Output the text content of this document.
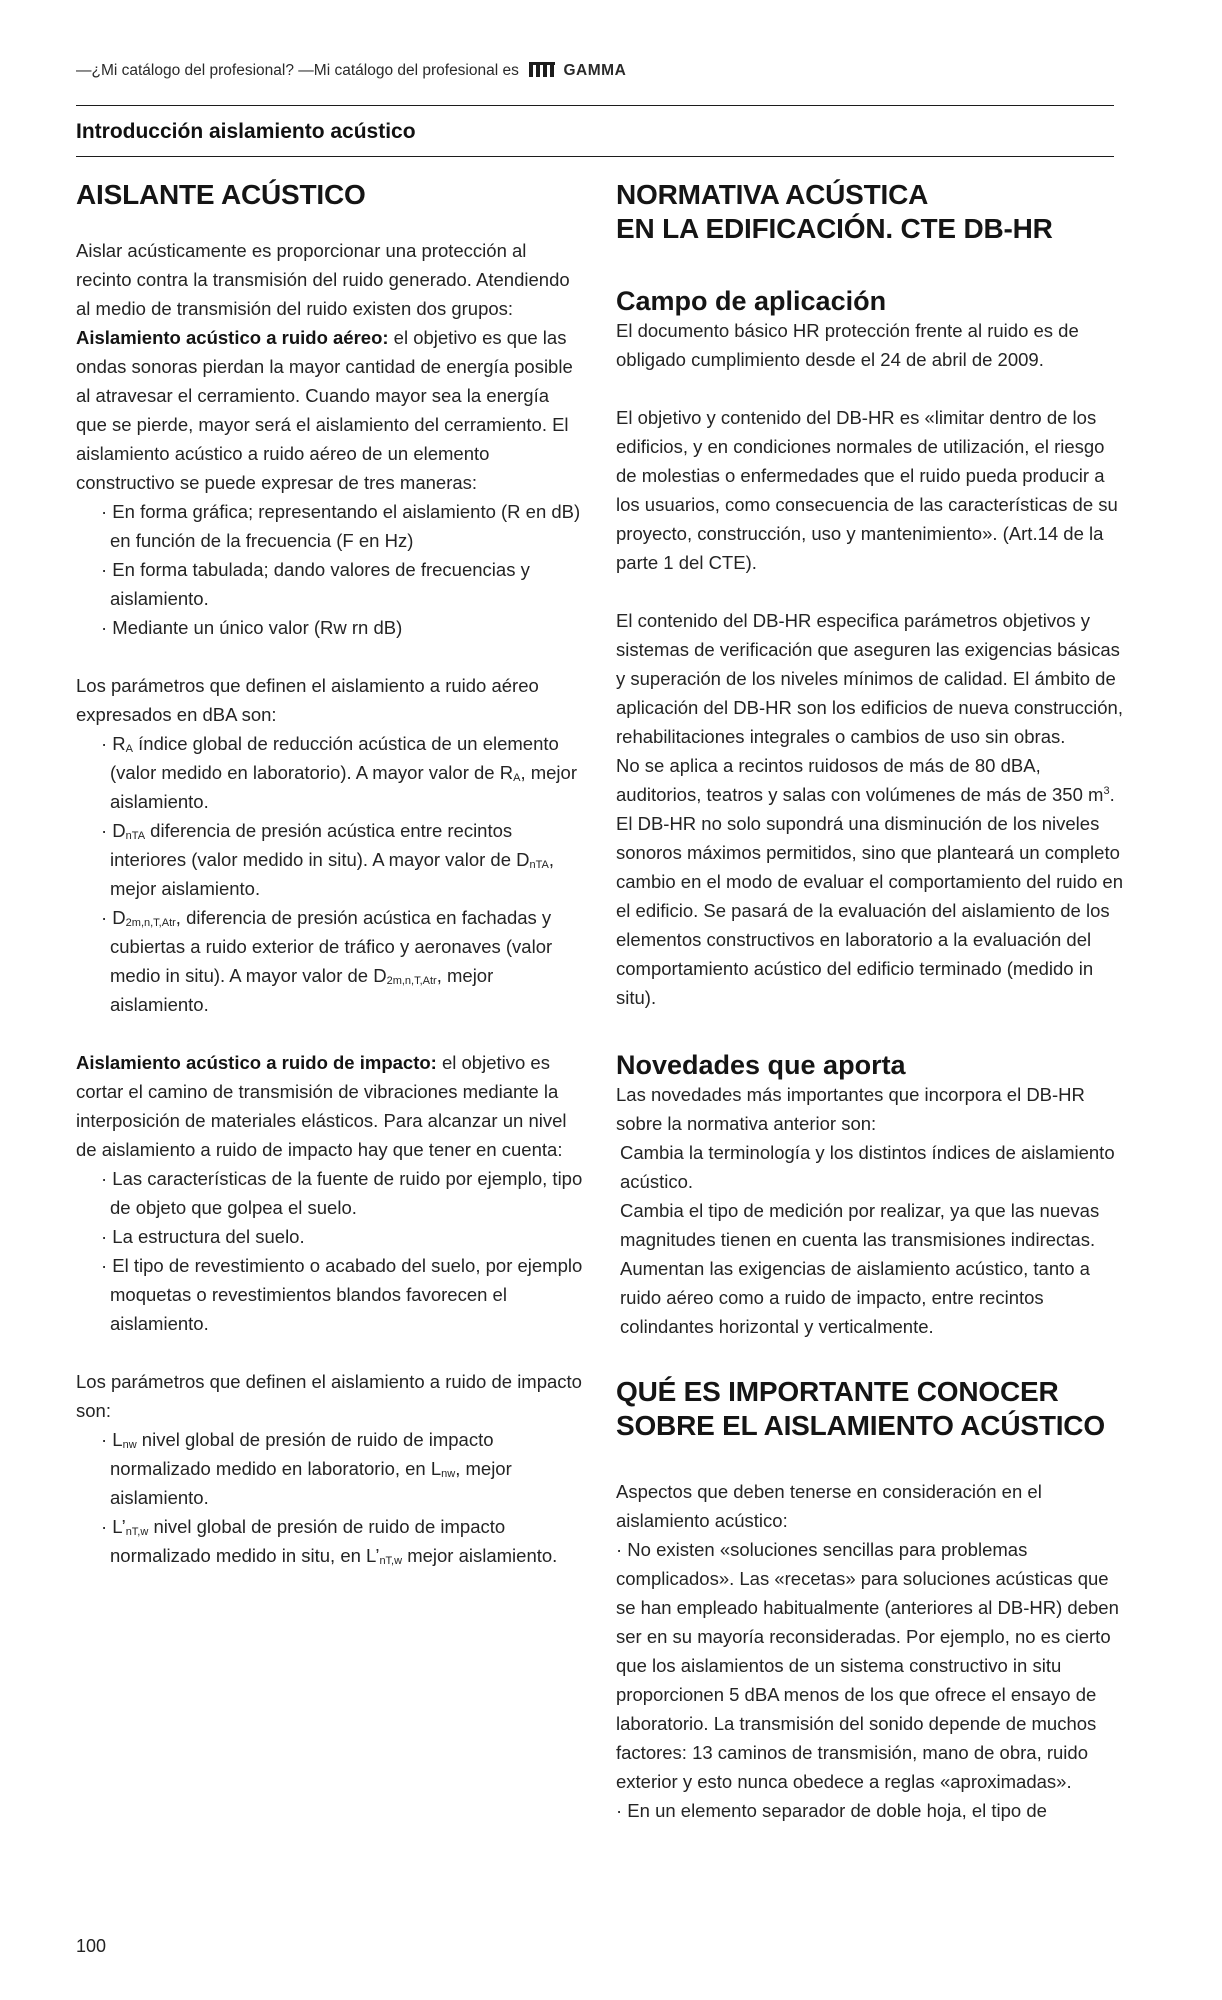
—¿Mi catálogo del profesional? —Mi catálogo del profesional es	GAMMA
Introducción aislamiento acústico
AISLANTE ACÚSTICO

Aislar acústicamente es proporcionar una protección al recinto contra la transmisión del ruido generado. Atendiendo al medio de transmisión del ruido existen dos grupos:

Aislamiento acústico a ruido aéreo: el objetivo es que las ondas sonoras pierdan la mayor cantidad de energía posible al atravesar el cerramiento. Cuando mayor sea la energía que se pierde, mayor será el aislamiento del cerramiento. El aislamiento acústico a ruido aéreo de un elemento constructivo se puede expresar de tres maneras:

· En forma gráfica; representando el aislamiento (R en dB) en función de la frecuencia (F en Hz)

· En forma tabulada; dando valores de frecuencias y aislamiento.

· Mediante un único valor (Rw rn dB)

Los parámetros que definen el aislamiento a ruido aéreo expresados en dBA son:

· $R_A$ índice global de reducción acústica de un elemento (valor medido en laboratorio). A mayor valor de $R_A$, mejor aislamiento.

· $D_{nTA}$ diferencia de presión acústica entre recintos interiores (valor medido in situ). A mayor valor de $D_{nTA}$, mejor aislamiento.

· $D_{2m,n,T,Atr}$, diferencia de presión acústica en fachadas y cubiertas a ruido exterior de tráfico y aeronaves (valor medio in situ). A mayor valor de $D_{2m,n,T,Atr}$, mejor aislamiento.

Aislamiento acústico a ruido de impacto: el objetivo es cortar el camino de transmisión de vibraciones mediante la interposición de materiales elásticos. Para alcanzar un nivel de aislamiento a ruido de impacto hay que tener en cuenta:

· Las características de la fuente de ruido por ejemplo, tipo de objeto que golpea el suelo.

· La estructura del suelo.

· El tipo de revestimiento o acabado del suelo, por ejemplo moquetas o revestimientos blandos favorecen el aislamiento.

Los parámetros que definen el aislamiento a ruido de impacto son:

· $L_{nw}$ nivel global de presión de ruido de impacto normalizado medido en laboratorio, en $L_{nw}$, mejor aislamiento.

· $L’_{nT,w}$ nivel global de presión de ruido de impacto normalizado medido in situ, en $L’_{nT,w}$ mejor aislamiento.

NORMATIVA ACÚSTICA
EN LA EDIFICACIÓN. CTE DB-HR
Campo de aplicación

El documento básico HR protección frente al ruido es de obligado cumplimiento desde el 24 de abril de 2009.

El objetivo y contenido del DB-HR es «limitar dentro de los edificios, y en condiciones normales de utilización, el riesgo de molestias o enfermedades que el ruido pueda producir a los usuarios, como consecuencia de las características de su proyecto, construcción, uso y mantenimiento». (Art.14 de la parte 1 del CTE).

El contenido del DB-HR especifica parámetros objetivos y sistemas de verificación que aseguren las exigencias básicas y superación de los niveles mínimos de calidad. El ámbito de aplicación del DB-HR son los edificios de nueva construcción, rehabilitaciones integrales o cambios de uso sin obras.

No se aplica a recintos ruidosos de más de 80 dBA, auditorios, teatros y salas con volúmenes de más de 350 $m^3$.

El DB-HR no solo supondrá una disminución de los niveles sonoros máximos permitidos, sino que planteará un completo cambio en el modo de evaluar el comportamiento del ruido en el edificio. Se pasará de la evaluación del aislamiento de los elementos constructivos en laboratorio a la evaluación del comportamiento acústico del edificio terminado (medido in situ).

Novedades que aporta

Las novedades más importantes que incorpora el DB-HR sobre la normativa anterior son:

Cambia la terminología y los distintos índices de aislamiento acústico.

Cambia el tipo de medición por realizar, ya que las nuevas magnitudes tienen en cuenta las transmisiones indirectas.

Aumentan las exigencias de aislamiento acústico, tanto a ruido aéreo como a ruido de impacto, entre recintos colindantes horizontal y verticalmente.

QUÉ ES IMPORTANTE CONOCER
SOBRE EL AISLAMIENTO ACÚSTICO

Aspectos que deben tenerse en consideración en el aislamiento acústico:

· No existen «soluciones sencillas para problemas complicados». Las «recetas» para soluciones acústicas que se han empleado habitualmente (anteriores al DB-HR) deben ser en su mayoría reconsideradas. Por ejemplo, no es cierto que los aislamientos de un sistema constructivo in situ proporcionen 5 dBA menos de los que ofrece el ensayo de laboratorio. La transmisión del sonido depende de muchos factores: 13 caminos de transmisión, mano de obra, ruido exterior y esto nunca obedece a reglas «aproximadas».

· En un elemento separador de doble hoja, el tipo de

100
